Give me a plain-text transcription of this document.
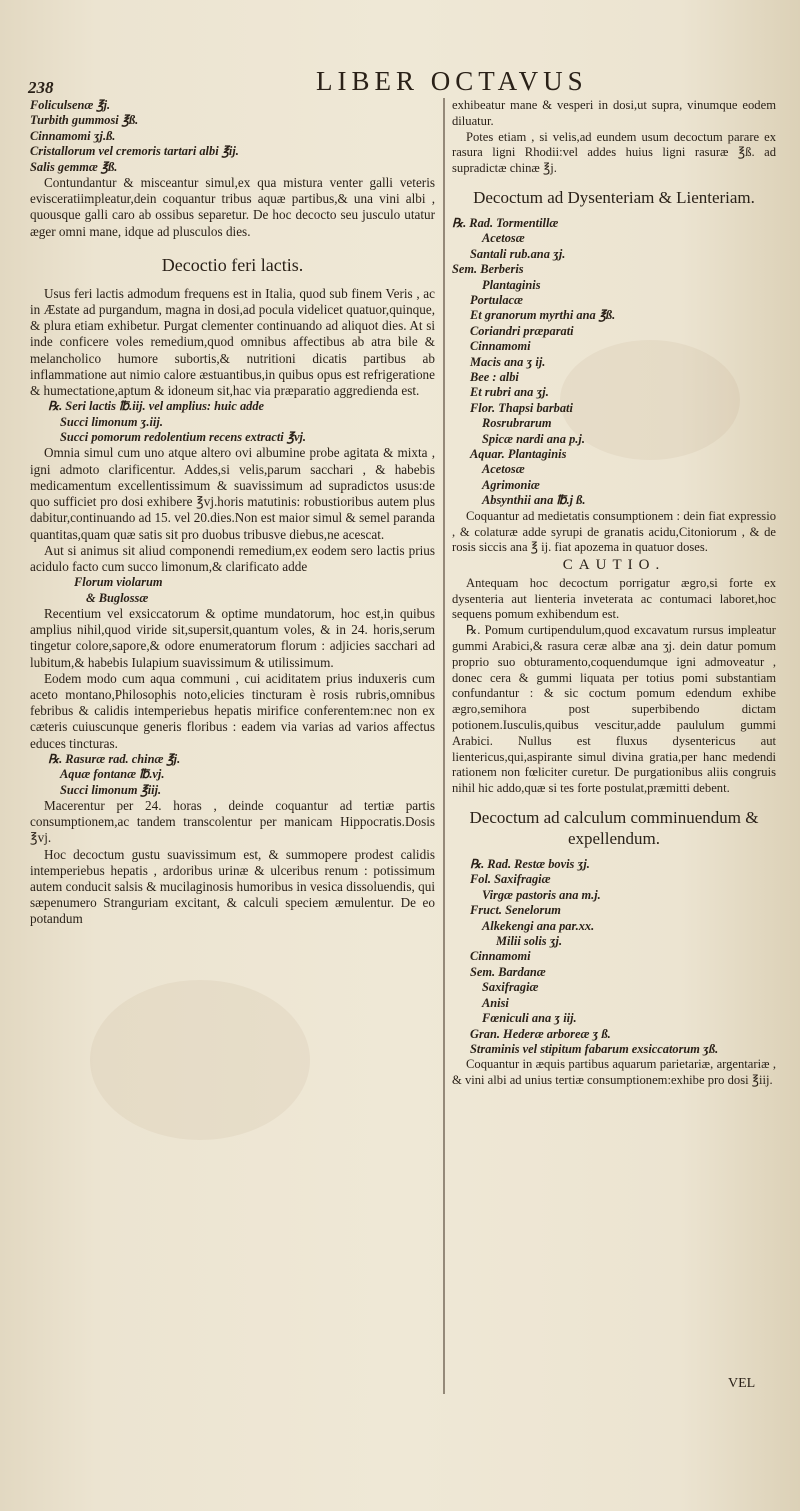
238	LIBER OCTAVUS
Foliculsenæ ℥j.
Turbith gummosi ℥ß.
Cinnamomi ʒj.ß.
Cristallorum vel cremoris tartari albi ℥ij.
Salis gemmæ ℥ß.

Contundantur & misceantur simul,ex qua mistura venter galli veteris evisceratiimpleatur,dein coquantur tribus aquæ partibus,& una vini albi , quousque galli caro ab ossibus separetur. De hoc decocto seu jusculo utatur æger omni mane, idque ad plusculos dies.

Decoctio feri lactis.

Usus feri lactis admodum frequens est in Italia, quod sub finem Veris , ac in Æstate ad purgandum, magna in dosi,ad pocula videlicet quatuor,quinque, & plura etiam exhibetur. Purgat clementer continuando ad aliquot dies. At si inde conficere voles remedium,quod omnibus affectibus ab atra bile & melancholico humore subortis,& nutritioni dicatis partibus ab inflammatione aut nimio calore æstuantibus,in quibus opus est refrigeratione & humectatione,aptum & idoneum sit,hac via præparatio aggredienda est.

℞. Seri lactis ℔.iij. vel amplius: huic adde
Succi limonum ʒ.iij.
Succi pomorum redolentium recens extracti ℥vj.

Omnia simul cum uno atque altero ovi albumine probe agitata & mixta , igni admoto clarificentur. Addes,si velis,parum sacchari , & habebis medicamentum excellentissimum & suavissimum ad supradictos usus:de quo sufficiet pro dosi exhibere ℥vj.horis matutinis: robustioribus autem plus dabitur,continuando ad 15. vel 20.dies.Non est maior simul & semel paranda quantitas,quam quæ satis sit pro duobus tribusve diebus,ne acescat.

Aut si animus sit aliud componendi remedium,ex eodem sero lactis prius acidulo facto cum succo limonum,& clarificato adde

Florum violarum
& Buglossæ

Recentium vel exsiccatorum & optime mundatorum, hoc est,in quibus amplius nihil,quod viride sit,supersit,quantum voles, & in 24. horis,serum tingetur colore,sapore,& odore enumeratorum florum : adjicies sacchari ad lubitum,& habebis Iulapium suavissimum & utilissimum.

Eodem modo cum aqua communi , cui aciditatem prius induxeris cum aceto montano,Philosophis noto,elicies tincturam è rosis rubris,omnibus febribus & calidis intemperiebus hepatis mirifice conferentem:nec non ex cæteris cuiuscunque generis floribus : eadem via varias ad varios affectus educes tincturas.

℞. Rasuræ rad. chinæ ℥j.
Aquæ fontanæ ℔.vj.
Succi limonum ℥iij.

Macerentur per 24. horas , deinde coquantur ad tertiæ partis consumptionem,ac tandem transcolentur per manicam Hippocratis.Dosis ℥vj.

Hoc decoctum gustu suavissimum est, & summopere prodest calidis intemperiebus hepatis , ardoribus urinæ & ulceribus renum : potissimum autem conducit salsis & mucilaginosis humoribus in vesica dissoluendis, qui sæpenumero Stranguriam excitant, & calculi speciem æmulentur. De eo potandum

exhibeatur mane & vesperi in dosi,ut supra, vinumque eodem diluatur.

Potes etiam , si velis,ad eundem usum decoctum parare ex rasura ligni Rhodii:vel addes huius ligni rasuræ ℥ß. ad supradictæ chinæ ℥j.

Decoctum ad Dysenteriam & Lienteriam.
℞. Rad. Tormentillæ
Acetosæ
Santali rub.ana ʒj.
Sem. Berberis
Plantaginis
Portulacæ
Et granorum myrthi ana ℥ß.
Coriandri præparati
Cinnamomi
Macis ana ʒ ij.
Bee : albi
Et rubri ana ʒj.
Flor. Thapsi barbati
Rosrubrarum
Spicæ nardi ana p.j.
Aquar. Plantaginis
Acetosæ
Agrimoniæ
Absynthii ana ℔.j ß.

Coquantur ad medietatis consumptionem : dein fiat expressio , & colaturæ adde syrupi de granatis acidu,Citoniorum , & de rosis siccis ana ℥ ij. fiat apozema in quatuor doses.

CAUTIO.

Antequam hoc decoctum porrigatur ægro,si forte ex dysenteria aut lienteria inveterata ac contumaci laboret,hoc sequens pomum exhibendum est.

℞. Pomum curtipendulum,quod excavatum rursus impleatur gummi Arabici,& rasura ceræ albæ ana ʒj. dein datur pomum proprio suo obturamento,coquendumque igni admoveatur , donec cera & gummi liquata per totius pomi substantiam confundantur : & sic coctum pomum edendum exhibe ægro,semihora post superbibendo dictam potionem.Iusculis,quibus vescitur,adde paululum gummi Arabici. Nullus est fluxus dysentericus aut lientericus,qui,aspirante simul divina gratia,per hanc medendi rationem non fœliciter curetur. De purgationibus aliis congruis nihil hic addo,quæ si tes forte postulat,præmitti debent.

Decoctum ad calculum comminuendum & expellendum.
℞. Rad. Restæ bovis ʒj.
Fol. Saxifragiæ
Virgæ pastoris ana m.j.
Fruct. Senelorum
Alkekengi ana par.xx.
Milii solis ʒj.
Cinnamomi
Sem. Bardanæ
Saxifragiæ
Anisi
Fœniculi ana ʒ iij.
Gran. Hederæ arboreæ ʒ ß.
Straminis vel stipitum fabarum exsiccatorum ʒß.

Coquantur in æquis partibus aquarum parietariæ, argentariæ , & vini albi ad unius tertiæ consumptionem:exhibe pro dosi ℥iij.

VEL
